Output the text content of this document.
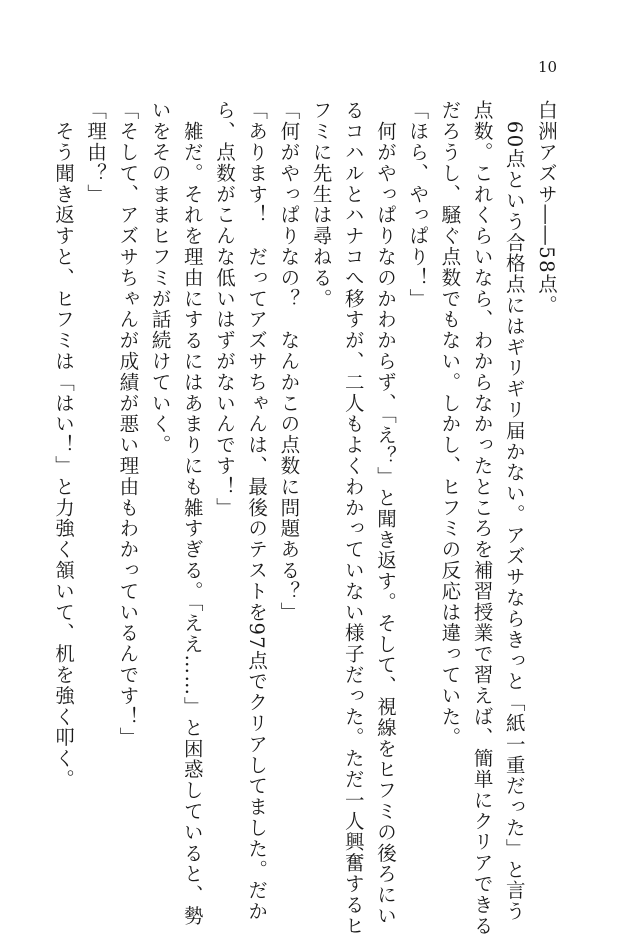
10
白洲アズサ――58点。
　60点という合格点にはギリギリ届かない。アズサならきっと「紙一重だった」と言う
点数。これくらいなら、わからなかったところを補習授業で習えば、簡単にクリアできる
だろうし、騒ぐ点数でもない。しかし、ヒフミの反応は違っていた。
「ほら、やっぱり！」
　何がやっぱりなのかわからず、「え？」と聞き返す。そして、視線をヒフミの後ろにい
るコハルとハナコへ移すが、二人もよくわかっていない様子だった。ただ一人興奮するヒ
フミに先生は尋ねる。
「何がやっぱりなの？　なんかこの点数に問題ある？」
「あります！　だってアズサちゃんは、最後のテストを97点でクリアしてました。だか
ら、点数がこんな低いはずがないんです！」
　雑だ。それを理由にするにはあまりにも雑すぎる。「ええ……」と困惑していると、勢
いをそのままヒフミが話続けていく。
「そして、アズサちゃんが成績が悪い理由もわかっているんです！」
「理由？」
　そう聞き返すと、ヒフミは「はい！」と力強く頷いて、机を強く叩く。
